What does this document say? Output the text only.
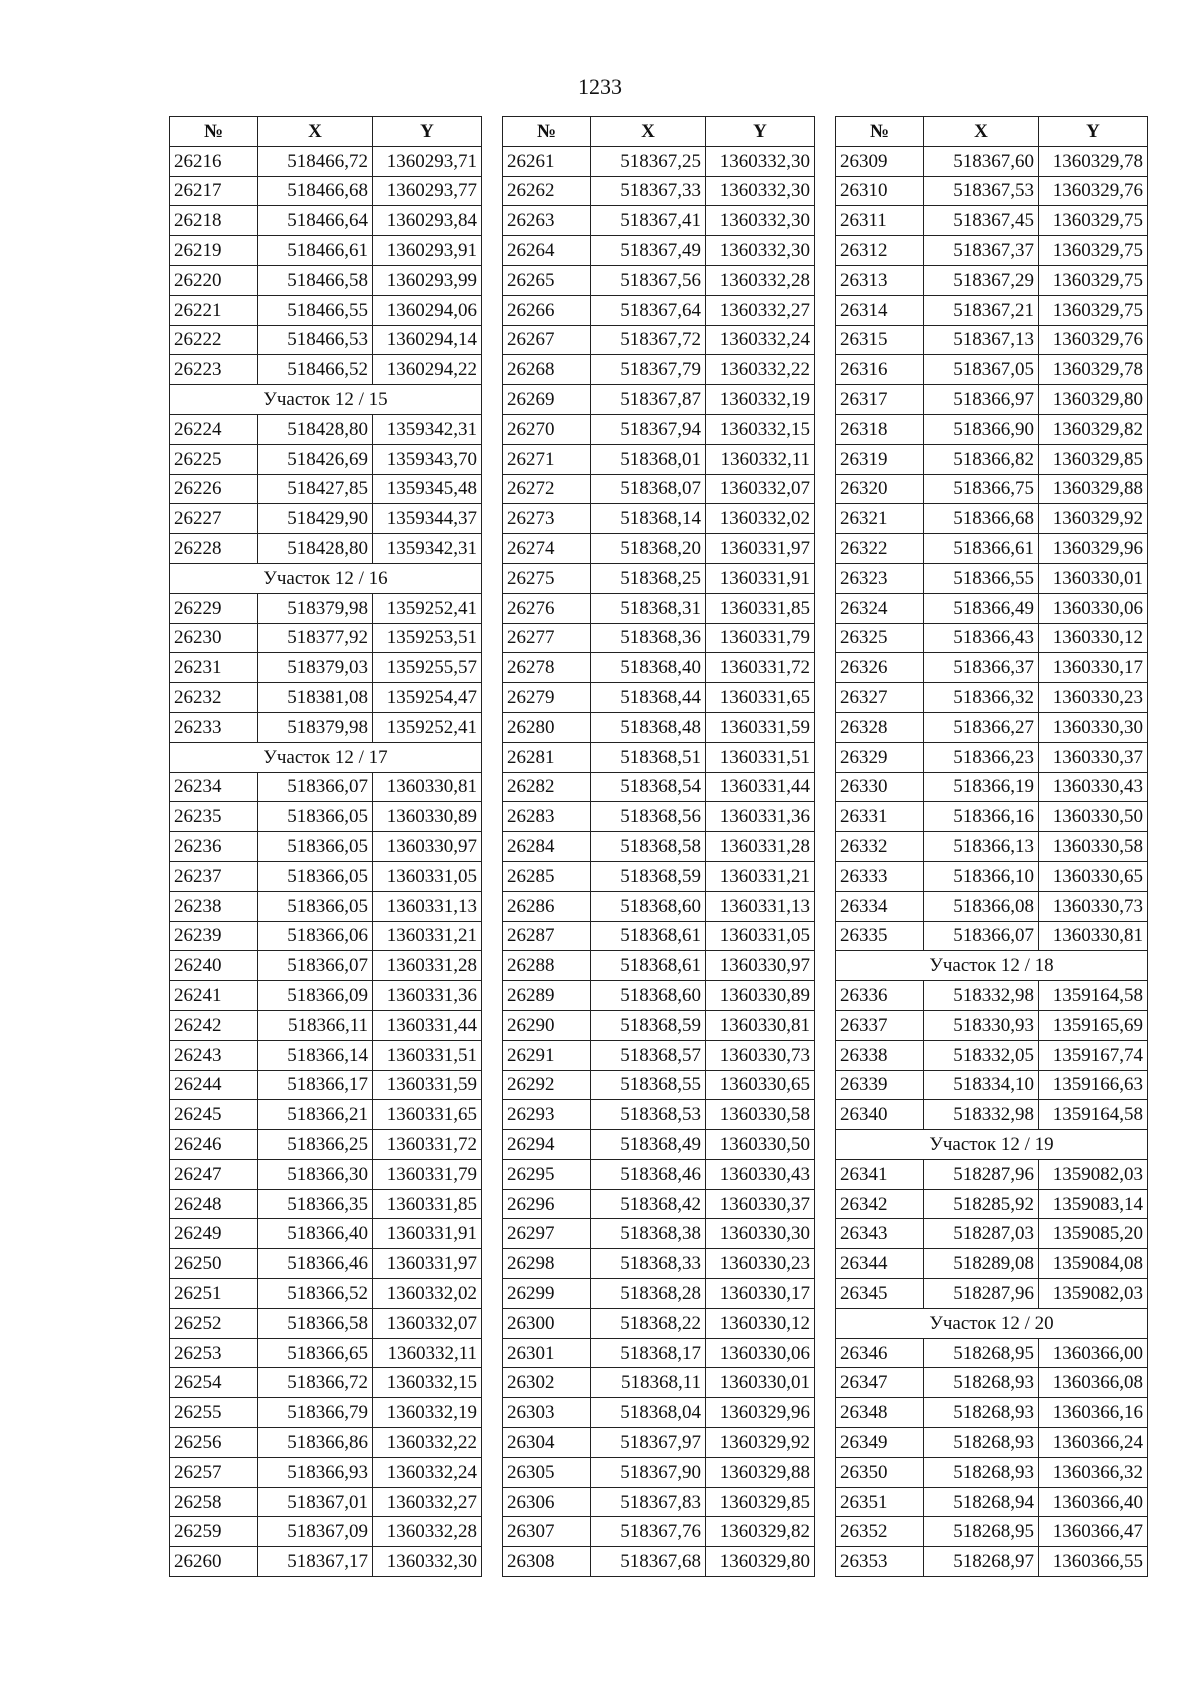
1233
№	X	Y
26216	518466,72	1360293,71
26217	518466,68	1360293,77
26218	518466,64	1360293,84
26219	518466,61	1360293,91
26220	518466,58	1360293,99
26221	518466,55	1360294,06
26222	518466,53	1360294,14
26223	518466,52	1360294,22
Участок 12 / 15		
26224	518428,80	1359342,31
26225	518426,69	1359343,70
26226	518427,85	1359345,48
26227	518429,90	1359344,37
26228	518428,80	1359342,31
Участок 12 / 16		
26229	518379,98	1359252,41
26230	518377,92	1359253,51
26231	518379,03	1359255,57
26232	518381,08	1359254,47
26233	518379,98	1359252,41
Участок 12 / 17		
26234	518366,07	1360330,81
26235	518366,05	1360330,89
26236	518366,05	1360330,97
26237	518366,05	1360331,05
26238	518366,05	1360331,13
26239	518366,06	1360331,21
26240	518366,07	1360331,28
26241	518366,09	1360331,36
26242	518366,11	1360331,44
26243	518366,14	1360331,51
26244	518366,17	1360331,59
26245	518366,21	1360331,65
26246	518366,25	1360331,72
26247	518366,30	1360331,79
26248	518366,35	1360331,85
26249	518366,40	1360331,91
26250	518366,46	1360331,97
26251	518366,52	1360332,02
26252	518366,58	1360332,07
26253	518366,65	1360332,11
26254	518366,72	1360332,15
26255	518366,79	1360332,19
26256	518366,86	1360332,22
26257	518366,93	1360332,24
26258	518367,01	1360332,27
26259	518367,09	1360332,28
26260	518367,17	1360332,30
№	X	Y
26261	518367,25	1360332,30
26262	518367,33	1360332,30
26263	518367,41	1360332,30
26264	518367,49	1360332,30
26265	518367,56	1360332,28
26266	518367,64	1360332,27
26267	518367,72	1360332,24
26268	518367,79	1360332,22
26269	518367,87	1360332,19
26270	518367,94	1360332,15
26271	518368,01	1360332,11
26272	518368,07	1360332,07
26273	518368,14	1360332,02
26274	518368,20	1360331,97
26275	518368,25	1360331,91
26276	518368,31	1360331,85
26277	518368,36	1360331,79
26278	518368,40	1360331,72
26279	518368,44	1360331,65
26280	518368,48	1360331,59
26281	518368,51	1360331,51
26282	518368,54	1360331,44
26283	518368,56	1360331,36
26284	518368,58	1360331,28
26285	518368,59	1360331,21
26286	518368,60	1360331,13
26287	518368,61	1360331,05
26288	518368,61	1360330,97
26289	518368,60	1360330,89
26290	518368,59	1360330,81
26291	518368,57	1360330,73
26292	518368,55	1360330,65
26293	518368,53	1360330,58
26294	518368,49	1360330,50
26295	518368,46	1360330,43
26296	518368,42	1360330,37
26297	518368,38	1360330,30
26298	518368,33	1360330,23
26299	518368,28	1360330,17
26300	518368,22	1360330,12
26301	518368,17	1360330,06
26302	518368,11	1360330,01
26303	518368,04	1360329,96
26304	518367,97	1360329,92
26305	518367,90	1360329,88
26306	518367,83	1360329,85
26307	518367,76	1360329,82
26308	518367,68	1360329,80
№	X	Y
26309	518367,60	1360329,78
26310	518367,53	1360329,76
26311	518367,45	1360329,75
26312	518367,37	1360329,75
26313	518367,29	1360329,75
26314	518367,21	1360329,75
26315	518367,13	1360329,76
26316	518367,05	1360329,78
26317	518366,97	1360329,80
26318	518366,90	1360329,82
26319	518366,82	1360329,85
26320	518366,75	1360329,88
26321	518366,68	1360329,92
26322	518366,61	1360329,96
26323	518366,55	1360330,01
26324	518366,49	1360330,06
26325	518366,43	1360330,12
26326	518366,37	1360330,17
26327	518366,32	1360330,23
26328	518366,27	1360330,30
26329	518366,23	1360330,37
26330	518366,19	1360330,43
26331	518366,16	1360330,50
26332	518366,13	1360330,58
26333	518366,10	1360330,65
26334	518366,08	1360330,73
26335	518366,07	1360330,81
Участок 12 / 18		
26336	518332,98	1359164,58
26337	518330,93	1359165,69
26338	518332,05	1359167,74
26339	518334,10	1359166,63
26340	518332,98	1359164,58
Участок 12 / 19		
26341	518287,96	1359082,03
26342	518285,92	1359083,14
26343	518287,03	1359085,20
26344	518289,08	1359084,08
26345	518287,96	1359082,03
Участок 12 / 20		
26346	518268,95	1360366,00
26347	518268,93	1360366,08
26348	518268,93	1360366,16
26349	518268,93	1360366,24
26350	518268,93	1360366,32
26351	518268,94	1360366,40
26352	518268,95	1360366,47
26353	518268,97	1360366,55
